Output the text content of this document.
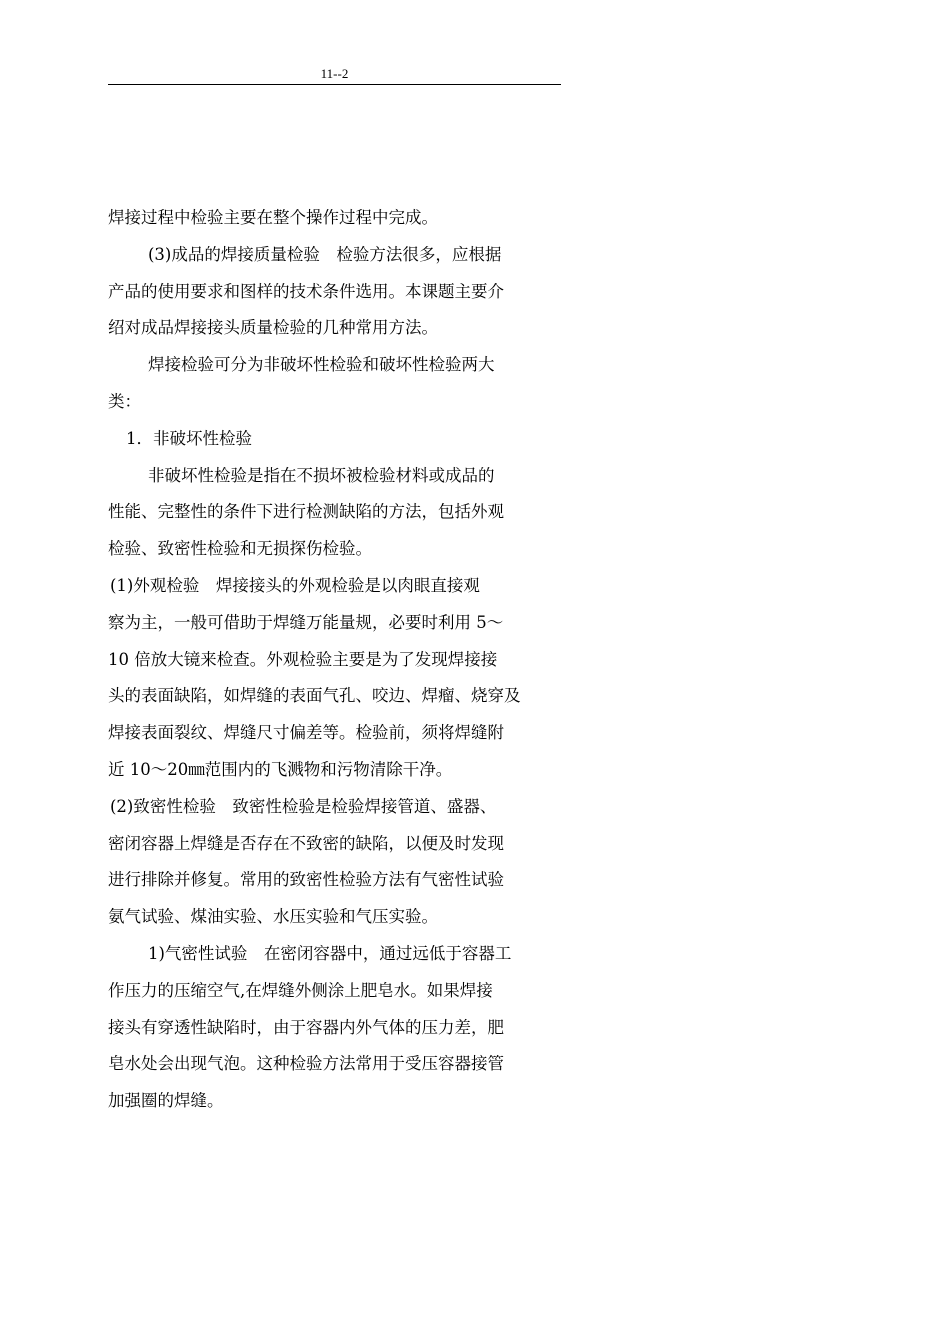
11--2
焊接过程中检验主要在整个操作过程中完成。
(3)成品的焊接质量检验　检验方法很多，应根据
产品的使用要求和图样的技术条件选用。本课题主要介
绍对成品焊接接头质量检验的几种常用方法。
焊接检验可分为非破坏性检验和破坏性检验两大
类：
1．非破坏性检验
非破坏性检验是指在不损坏被检验材料或成品的
性能、完整性的条件下进行检测缺陷的方法，包括外观
检验、致密性检验和无损探伤检验。
(1)外观检验　焊接接头的外观检验是以肉眼直接观
察为主，一般可借助于焊缝万能量规，必要时利用 5～
10 倍放大镜来检查。外观检验主要是为了发现焊接接
头的表面缺陷，如焊缝的表面气孔、咬边、焊瘤、烧穿及
焊接表面裂纹、焊缝尺寸偏差等。检验前，须将焊缝附
近 10～20㎜范围内的飞溅物和污物清除干净。
(2)致密性检验　致密性检验是检验焊接管道、盛器、
密闭容器上焊缝是否存在不致密的缺陷，以便及时发现
进行排除并修复。常用的致密性检验方法有气密性试验
氨气试验、煤油实验、水压实验和气压实验。
1)气密性试验　在密闭容器中，通过远低于容器工
作压力的压缩空气,在焊缝外侧涂上肥皂水。如果焊接
接头有穿透性缺陷时，由于容器内外气体的压力差，肥
皂水处会出现气泡。这种检验方法常用于受压容器接管
加强圈的焊缝。
